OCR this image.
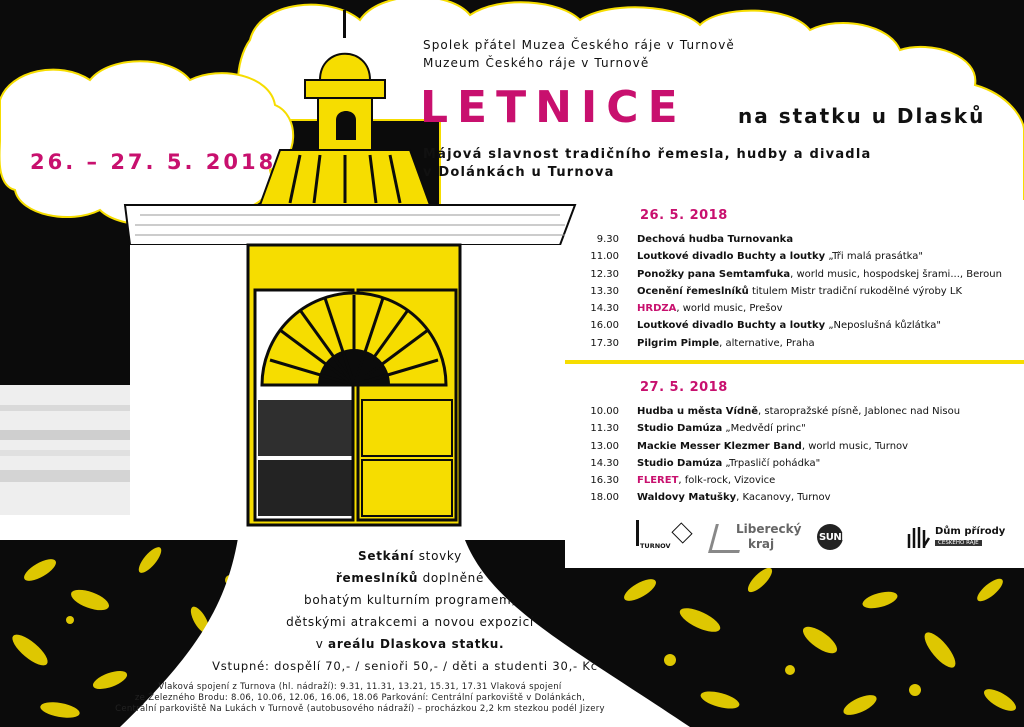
Spolek přátel Muzea Českého ráje v Turnově
Muzeum Českého ráje v Turnově
LETNICE	na statku u Dlasků
Májová slavnost tradičního řemesla, hudby a divadla
v Dolánkách u Turnova
26. – 27. 5. 2018
26. 5. 2018
9.30	Dechová hudba Turnovanka
11.00	Loutkové divadlo Buchty a loutky „Tři malá prasátka"
12.30	Ponožky pana Semtamfuka, world music, hospodskej šrami..., Beroun
13.30	Ocenění řemeslníků titulem Mistr tradiční rukodělné výroby LK
14.30	HRDZA, world music, Prešov
16.00	Loutkové divadlo Buchty a loutky „Neposlušná kůzlátka"
17.30	Pilgrim Pimple, alternative, Praha
27. 5. 2018
10.00	Hudba u města Vídně, staropražské písně, Jablonec nad Nisou
11.30	Studio Damúza „Medvědí princ"
13.00	Mackie Messer Klezmer Band, world music, Turnov
14.30	Studio Damúza „Trpasličí pohádka"
16.30	FLERET, folk-rock, Vizovice
18.00	Waldovy Matušky, Kacanovy, Turnov
TURNOV
Liberecký
kraj	SUNDISK
Dům přírody
ČESKÉHO RÁJE
Setkání stovky
řemeslníků doplněné
bohatým kulturním programem,
dětskými atrakcemi a novou expozicí
v areálu Dlaskova statku.
Vstupné: dospělí 70,- / senioři 50,- / děti a studenti 30,- Kč
Vlaková spojení z Turnova (hl. nádraží): 9.31, 11.31, 13.21, 15.31, 17.31 Vlaková spojení
ze Železného Brodu: 8.06, 10.06, 12.06, 16.06, 18.06 Parkování: Centrální parkoviště v Dolánkách,
Centrální parkoviště Na Lukách v Turnově (autobusového nádraží) – procházkou 2,2 km stezkou podél Jizery
